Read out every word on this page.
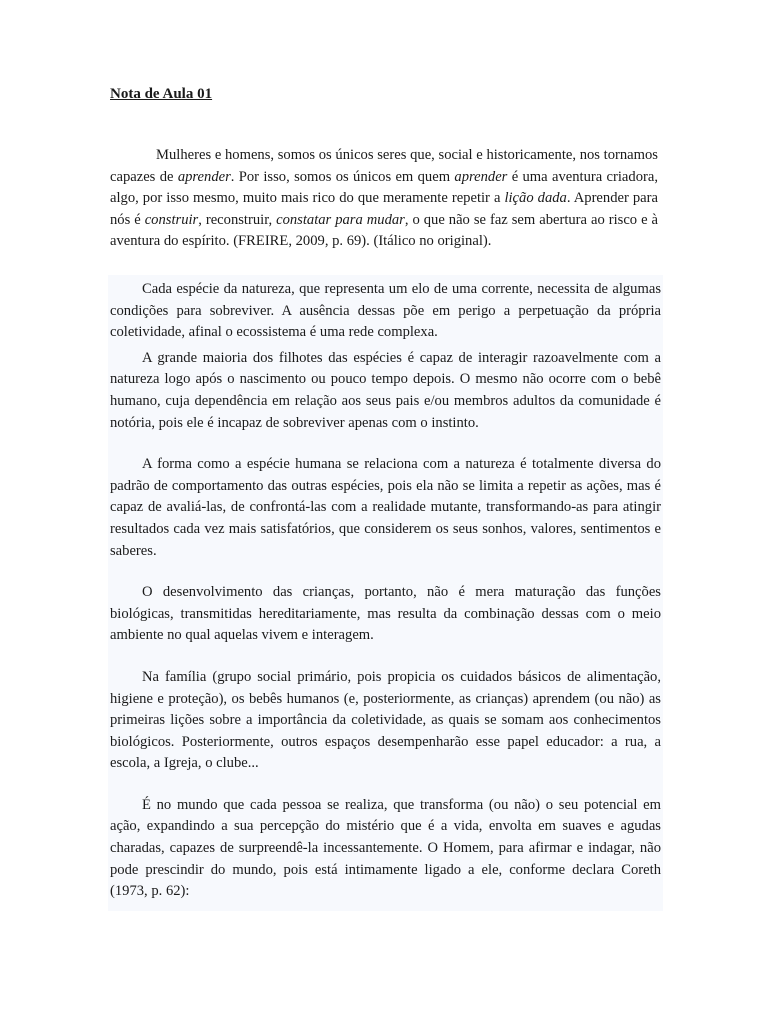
Nota de Aula 01

Mulheres e homens, somos os únicos seres que, social e historicamente, nos tornamos capazes de aprender. Por isso, somos os únicos em quem aprender é uma aventura criadora, algo, por isso mesmo, muito mais rico do que meramente repetir a lição dada. Aprender para nós é construir, reconstruir, constatar para mudar, o que não se faz sem abertura ao risco e à aventura do espírito. (FREIRE, 2009, p. 69). (Itálico no original).

Cada espécie da natureza, que representa um elo de uma corrente, necessita de algumas condições para sobreviver. A ausência dessas põe em perigo a perpetuação da própria coletividade, afinal o ecossistema é uma rede complexa.

A grande maioria dos filhotes das espécies é capaz de interagir razoavelmente com a natureza logo após o nascimento ou pouco tempo depois. O mesmo não ocorre com o bebê humano, cuja dependência em relação aos seus pais e/ou membros adultos da comunidade é notória, pois ele é incapaz de sobreviver apenas com o instinto.

A forma como a espécie humana se relaciona com a natureza é totalmente diversa do padrão de comportamento das outras espécies, pois ela não se limita a repetir as ações, mas é capaz de avaliá-las, de confrontá-las com a realidade mutante, transformando-as para atingir resultados cada vez mais satisfatórios, que considerem os seus sonhos, valores, sentimentos e saberes.

O desenvolvimento das crianças, portanto, não é mera maturação das funções biológicas, transmitidas hereditariamente, mas resulta da combinação dessas com o meio ambiente no qual aquelas vivem e interagem.

Na família (grupo social primário, pois propicia os cuidados básicos de alimentação, higiene e proteção), os bebês humanos (e, posteriormente, as crianças) aprendem (ou não) as primeiras lições sobre a importância da coletividade, as quais se somam aos conhecimentos biológicos. Posteriormente, outros espaços desempenharão esse papel educador: a rua, a escola, a Igreja, o clube...

É no mundo que cada pessoa se realiza, que transforma (ou não) o seu potencial em ação, expandindo a sua percepção do mistério que é a vida, envolta em suaves e agudas charadas, capazes de surpreendê-la incessantemente. O Homem, para afirmar e indagar, não pode prescindir do mundo, pois está intimamente ligado a ele, conforme declara Coreth (1973, p. 62):
